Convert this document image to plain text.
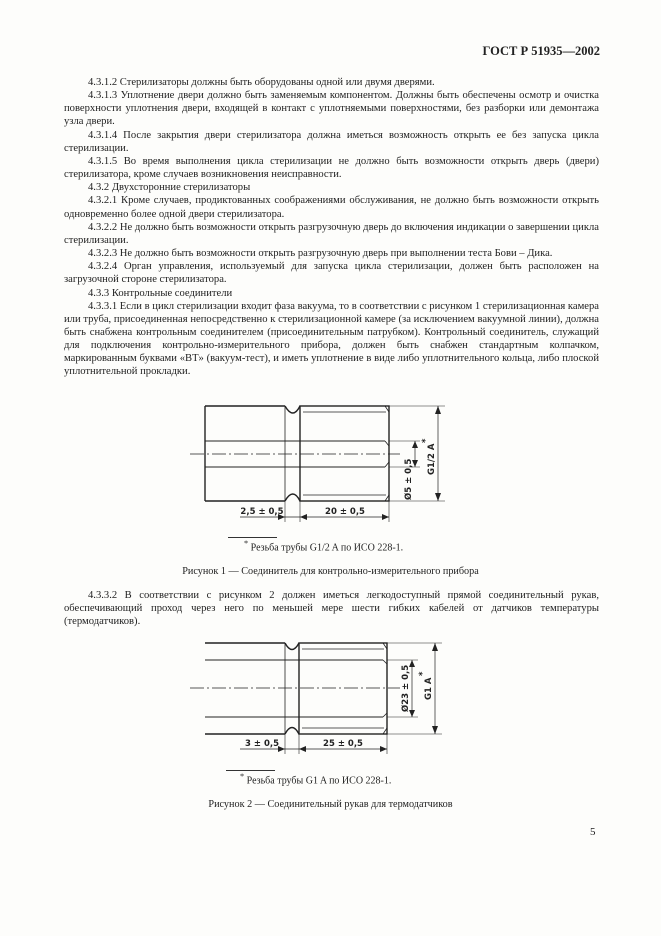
ГОСТ Р 51935—2002

4.3.1.2 Стерилизаторы должны быть оборудованы одной или двумя дверями.

4.3.1.3 Уплотнение двери должно быть заменяемым компонентом. Должны быть обеспечены осмотр и очистка поверхности уплотнения двери, входящей в контакт с уплотняемыми поверхностями, без разборки или демонтажа узла двери.

4.3.1.4 После закрытия двери стерилизатора должна иметься возможность открыть ее без запуска цикла стерилизации.

4.3.1.5 Во время выполнения цикла стерилизации не должно быть возможности открыть дверь (двери) стерилизатора, кроме случаев возникновения неисправности.

4.3.2 Двухсторонние стерилизаторы

4.3.2.1 Кроме случаев, продиктованных соображениями обслуживания, не должно быть возможности открыть одновременно более одной двери стерилизатора.

4.3.2.2 Не должно быть возможности открыть разгрузочную дверь до включения индикации о завершении цикла стерилизации.

4.3.2.3 Не должно быть возможности открыть разгрузочную дверь при выполнении теста Бови – Дика.

4.3.2.4 Орган управления, используемый для запуска цикла стерилизации, должен быть расположен на загрузочной стороне стерилизатора.

4.3.3 Контрольные соединители

4.3.3.1 Если в цикл стерилизации входит фаза вакуума, то в соответствии с рисунком 1 стерилизационная камера или труба, присоединенная непосредственно к стерилизационной камере (за исключением вакуумной линии), должна быть снабжена контрольным соединителем (присоединительным патрубком). Контрольный соединитель, служащий для подключения контрольно-измерительного прибора, должен быть снабжен стандартным колпачком, маркированным буквами «BT» (вакуум-тест), и иметь уплотнение в виде либо уплотнительного кольца, либо плоской уплотнительной прокладки.

2,5 ± 0,5	20 ± 0,5
Ø5 ± 0,5 G1/2 A
*
* Резьба трубы G1/2 A по ИСО 228-1.
Рисунок 1 — Соединитель для контрольно-измерительного прибора

4.3.3.2 В соответствии с рисунком 2 должен иметься легкодоступный прямой соединительный рукав, обеспечивающий проход через него по меньшей мере шести гибких кабелей от датчиков температуры (термодатчиков).

3 ± 0,5	25 ± 0,5
Ø23 ± 0,5 G1 A
*
* Резьба трубы G1 A по ИСО 228-1.
Рисунок 2 — Соединительный рукав для термодатчиков
5
